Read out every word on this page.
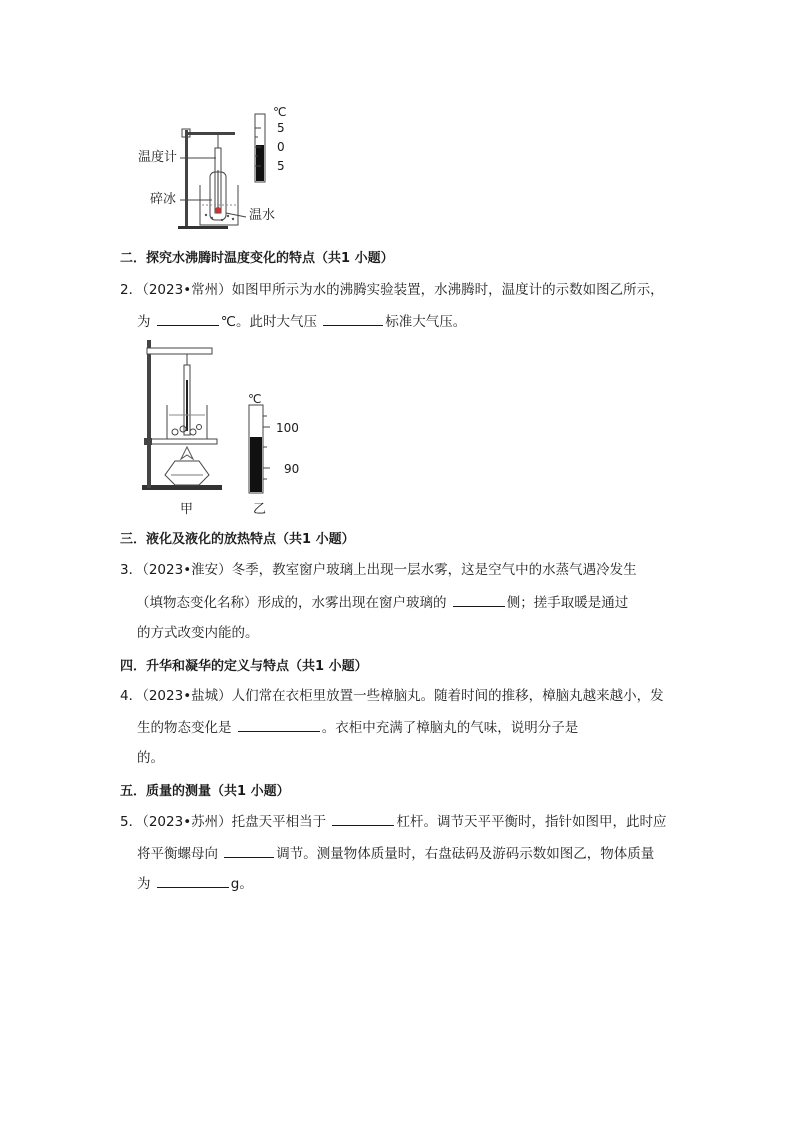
℃
5
0
5
温度计
碎冰
温水
二．探究水沸腾时温度变化的特点（共1 小题）
2．（2023•常州）如图甲所示为水的沸腾实验装置，水沸腾时，温度计的示数如图乙所示，
为	℃。此时大气压	标准大气压。
℃
100
90
甲	乙
三．液化及液化的放热特点（共1 小题）
3．（2023•淮安）冬季，教室窗户玻璃上出现一层水雾，这是空气中的水蒸气遇冷发生
（填物态变化名称）形成的，水雾出现在窗户玻璃的	侧；搓手取暖是通过
的方式改变内能的。
四．升华和凝华的定义与特点（共1 小题）
4．（2023•盐城）人们常在衣柜里放置一些樟脑丸。随着时间的推移，樟脑丸越来越小，发
生的物态变化是	。衣柜中充满了樟脑丸的气味，说明分子是
的。
五．质量的测量（共1 小题）
5．（2023•苏州）托盘天平相当于	杠杆。调节天平平衡时，指针如图甲，此时应
将平衡螺母向	调节。测量物体质量时，右盘砝码及游码示数如图乙，物体质量
为	g。
